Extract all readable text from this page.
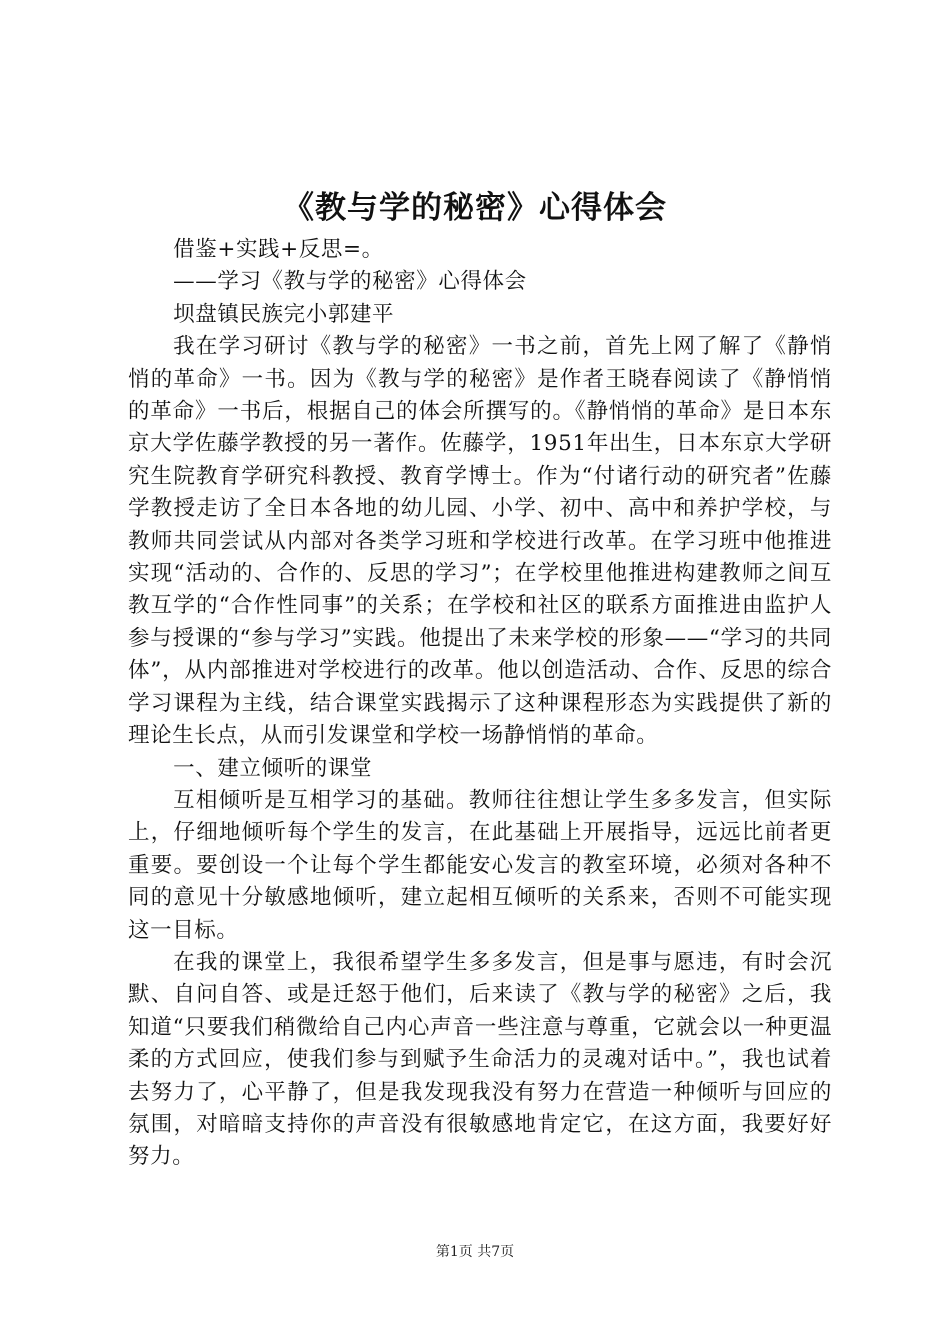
《教与学的秘密》心得体会

借鉴+实践+反思=。

——学习《教与学的秘密》心得体会

坝盘镇民族完小郭建平

我在学习研讨《教与学的秘密》一书之前，首先上网了解了《静悄悄的革命》一书。因为《教与学的秘密》是作者王晓春阅读了《静悄悄的革命》一书后，根据自己的体会所撰写的。《静悄悄的革命》是日本东京大学佐藤学教授的另一著作。佐藤学，1951年出生，日本东京大学研究生院教育学研究科教授、教育学博士。作为“付诸行动的研究者”佐藤学教授走访了全日本各地的幼儿园、小学、初中、高中和养护学校，与教师共同尝试从内部对各类学习班和学校进行改革。在学习班中他推进实现“活动的、合作的、反思的学习”；在学校里他推进构建教师之间互教互学的“合作性同事”的关系；在学校和社区的联系方面推进由监护人参与授课的“参与学习”实践。他提出了未来学校的形象——“学习的共同体”，从内部推进对学校进行的改革。他以创造活动、合作、反思的综合学习课程为主线，结合课堂实践揭示了这种课程形态为实践提供了新的理论生长点，从而引发课堂和学校一场静悄悄的革命。

一、建立倾听的课堂

互相倾听是互相学习的基础。教师往往想让学生多多发言，但实际上，仔细地倾听每个学生的发言，在此基础上开展指导，远远比前者更重要。要创设一个让每个学生都能安心发言的教室环境，必须对各种不同的意见十分敏感地倾听，建立起相互倾听的关系来，否则不可能实现这一目标。

在我的课堂上，我很希望学生多多发言，但是事与愿违，有时会沉默、自问自答、或是迁怒于他们，后来读了《教与学的秘密》之后，我知道“只要我们稍微给自己内心声音一些注意与尊重，它就会以一种更温柔的方式回应，使我们参与到赋予生命活力的灵魂对话中。”，我也试着去努力了，心平静了，但是我发现我没有努力在营造一种倾听与回应的氛围，对暗暗支持你的声音没有很敏感地肯定它，在这方面，我要好好努力。

第1页 共7页
